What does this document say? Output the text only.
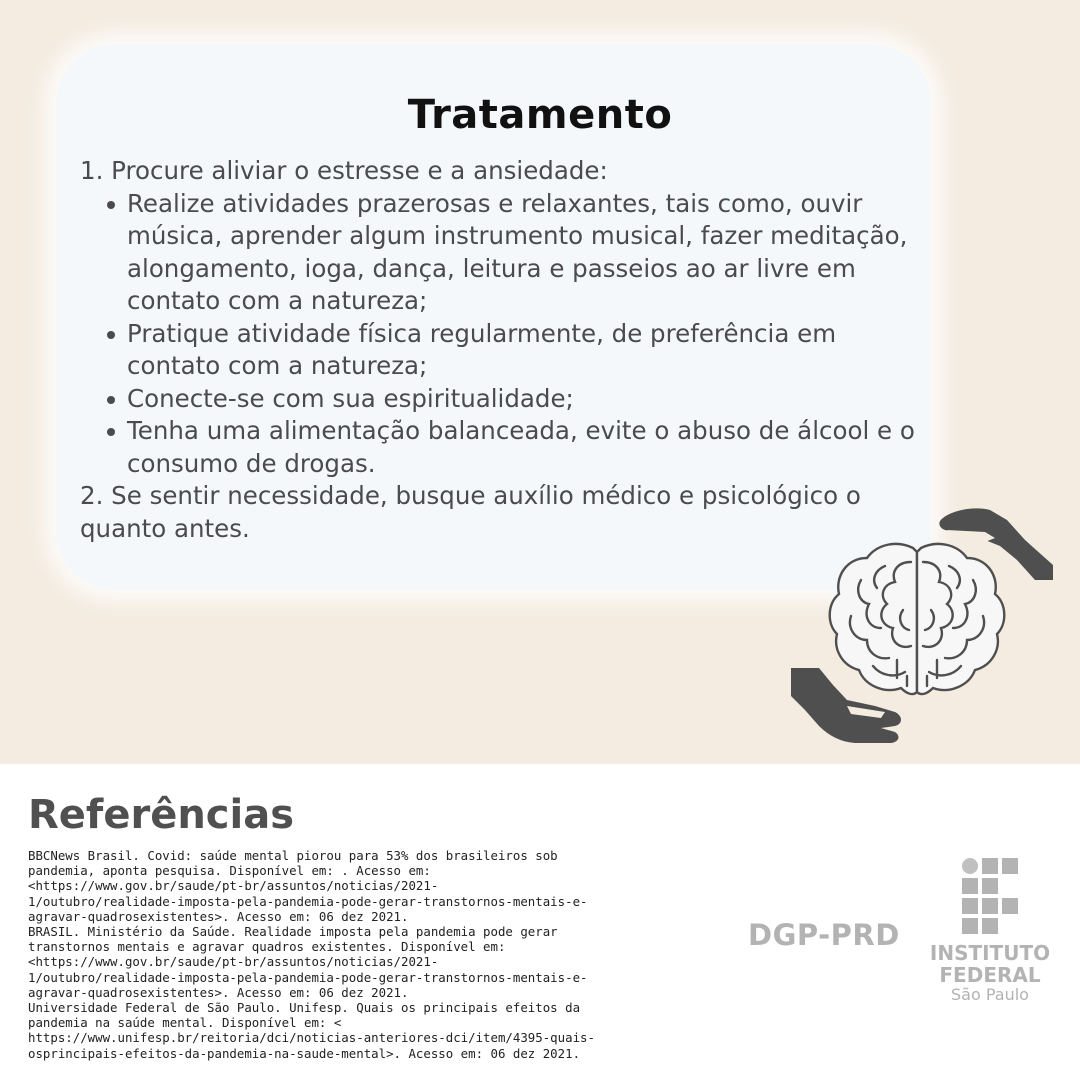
Tratamento

1. Procure aliviar o estresse e a ansiedade:

Realize atividades prazerosas e relaxantes, tais como, ouvir música, aprender algum instrumento musical, fazer meditação, alongamento, ioga, dança, leitura e passeios ao ar livre em contato com a natureza;
Pratique atividade física regularmente, de preferência em contato com a natureza;
Conecte-se com sua espiritualidade;
Tenha uma alimentação balanceada, evite o abuso de álcool e o consumo de drogas.

2. Se sentir necessidade, busque auxílio médico e psicológico o quanto antes.

Referências
BBCNews Brasil. Covid: saúde mental piorou para 53% dos brasileiros sob
pandemia, aponta pesquisa. Disponível em: . Acesso em:
<https://www.gov.br/saude/pt-br/assuntos/noticias/2021-
1/outubro/realidade-imposta-pela-pandemia-pode-gerar-transtornos-mentais-e-
agravar-quadrosexistentes>. Acesso em: 06 dez 2021.
BRASIL. Ministério da Saúde. Realidade imposta pela pandemia pode gerar
transtornos mentais e agravar quadros existentes. Disponível em:
<https://www.gov.br/saude/pt-br/assuntos/noticias/2021-
1/outubro/realidade-imposta-pela-pandemia-pode-gerar-transtornos-mentais-e-
agravar-quadrosexistentes>. Acesso em: 06 dez 2021.
Universidade Federal de São Paulo. Unifesp. Quais os principais efeitos da
pandemia na saúde mental. Disponível em: <
https://www.unifesp.br/reitoria/dci/noticias-anteriores-dci/item/4395-quais-
osprincipais-efeitos-da-pandemia-na-saude-mental>. Acesso em: 06 dez 2021.
DGP-PRD
INSTITUTO
FEDERAL
São Paulo
